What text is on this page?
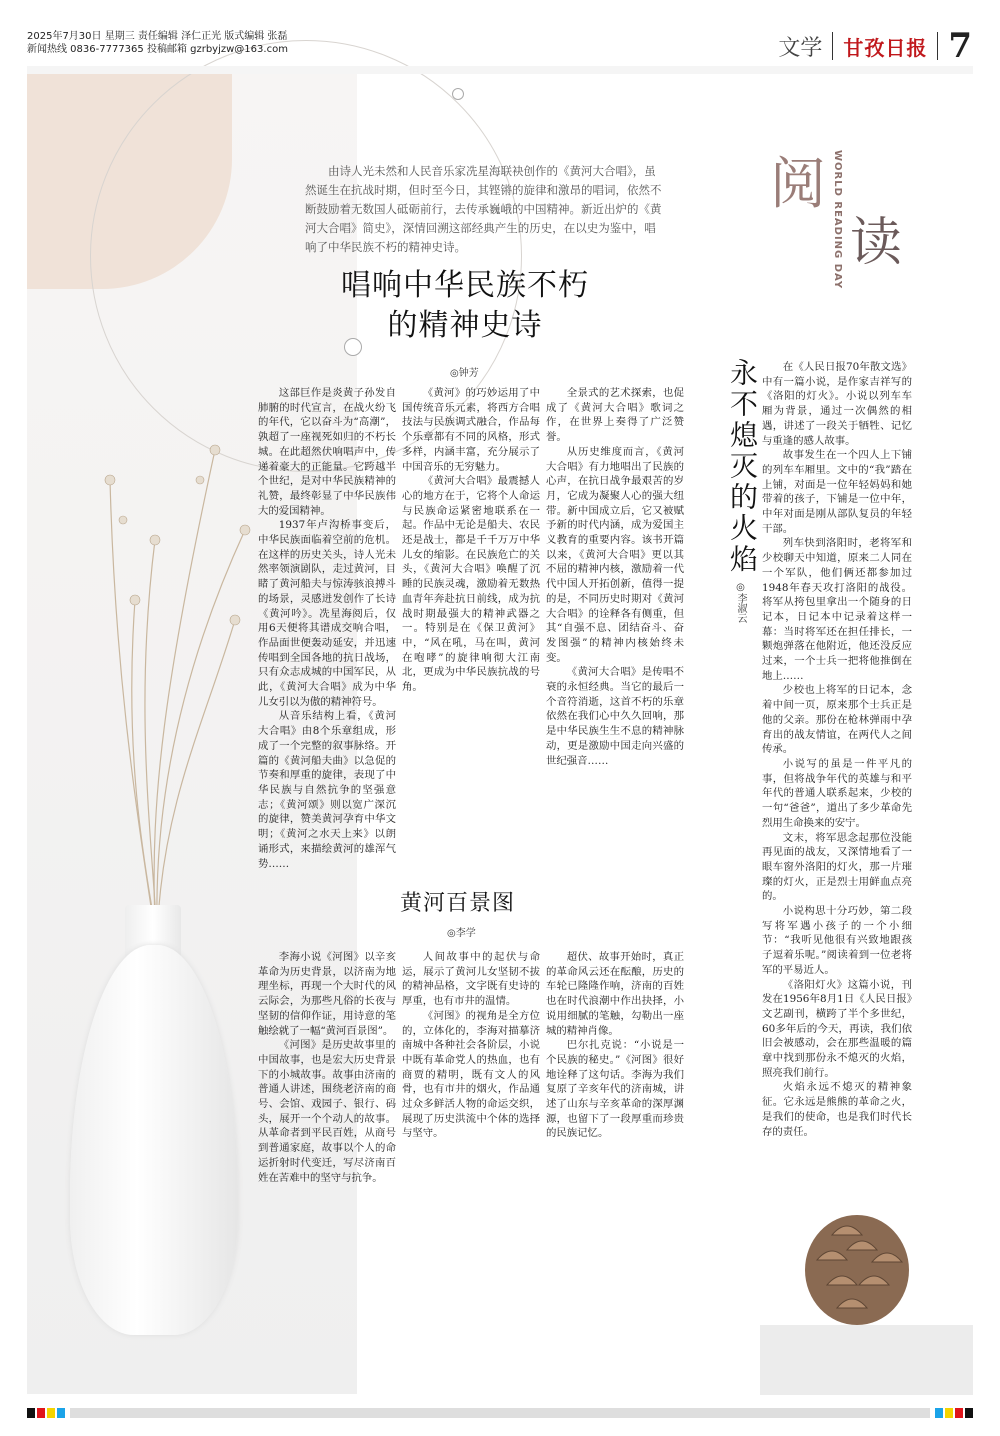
2025年7月30日 星期三 责任编辑 泽仁正光 版式编辑 张磊
新闻热线 0836-7777365 投稿邮箱 gzrbyjzw@163.com	文学 甘孜日报 7
阅 WORLD READING DAY 读
由诗人光未然和人民音乐家冼星海联袂创作的《黄河大合唱》，虽然诞生在抗战时期，但时至今日，其铿锵的旋律和激昂的唱词，依然不断鼓励着无数国人砥砺前行，去传承巍峨的中国精神。新近出炉的《黄河大合唱》简史》，深情回溯这部经典产生的历史，在以史为鉴中，唱响了中华民族不朽的精神史诗。
唱响中华民族不朽
的精神史诗
◎钟芳

这部巨作是炎黄子孙发自肺腑的时代宣言，在战火纷飞的年代，它以奋斗为“高潮”，孰超了一座视死如归的不朽长城。在此超然伏响唱声中，传递着豪大的正能量。它跨越半个世纪，是对中华民族精神的礼赞，最终彰显了中华民族伟大的爱国精神。

1937年卢沟桥事变后，中华民族面临着空前的危机。在这样的历史关头，诗人光未然率领演剧队，走过黄河，目睹了黄河船夫与惊涛骇浪搏斗的场景，灵感迸发创作了长诗《黄河吟》。冼星海阅后，仅用6天便将其谱成交响合唱，作品面世便轰动延安，并迅速传唱到全国各地的抗日战场，只有众志成城的中国军民，从此，《黄河大合唱》成为中华儿女引以为傲的精神符号。

从音乐结构上看，《黄河大合唱》由8个乐章组成，形成了一个完整的叙事脉络。开篇的《黄河船夫曲》以急促的节奏和厚重的旋律，表现了中华民族与自然抗争的坚强意志；《黄河颂》则以宽广深沉的旋律，赞美黄河孕育中华文明；《黄河之水天上来》以朗诵形式，来描绘黄河的雄浑气势……

《黄河》的巧妙运用了中国传统音乐元素，将西方合唱技法与民族调式融合，作品每个乐章都有不同的风格，形式多样，内涵丰富，充分展示了中国音乐的无穷魅力。

《黄河大合唱》最震撼人心的地方在于，它将个人命运与民族命运紧密地联系在一起。作品中无论是船夫、农民还是战士，都是千千万万中华儿女的缩影。在民族危亡的关头，《黄河大合唱》唤醒了沉睡的民族灵魂，激励着无数热血青年奔赴抗日前线，成为抗战时期最强大的精神武器之一。特别是在《保卫黄河》中，“风在吼，马在叫，黄河在咆哮”的旋律响彻大江南北，更成为中华民族抗战的号角。

全景式的艺术探索，也促成了《黄河大合唱》歌词之作，在世界上奏得了广泛赞誉。

从历史维度而言，《黄河大合唱》有力地唱出了民族的心声，在抗日战争最艰苦的岁月，它成为凝聚人心的强大纽带。新中国成立后，它又被赋予新的时代内涵，成为爱国主义教育的重要内容。该书开篇以来，《黄河大合唱》更以其不屈的精神内核，激励着一代代中国人开拓创新，值得一提的是，不同历史时期对《黄河大合唱》的诠释各有侧重，但其“自强不息、团结奋斗、奋发图强”的精神内核始终未变。

《黄河大合唱》是传唱不衰的永恒经典。当它的最后一个音符消逝，这首不朽的乐章依然在我们心中久久回响，那是中华民族生生不息的精神脉动，更是激励中国走向兴盛的世纪强音……

黄河百景图
◎李学

李海小说《河图》以辛亥革命为历史背景，以济南为地理坐标，再现一个大时代的风云际会，为那些凡俗的长夜与坚韧的信仰作证，用诗意的笔触绘就了一幅“黄河百景图”。

《河图》是历史故事里的中国故事，也是宏大历史背景下的小城故事。故事由济南的普通人讲述，围绕老济南的商号、会馆、戏园子、银行、码头，展开一个个动人的故事。从革命者到平民百姓，从商号到普通家庭，故事以个人的命运折射时代变迁，写尽济南百姓在苦难中的坚守与抗争。

人间故事中的起伏与命运，展示了黄河儿女坚韧不拔的精神品格，文字既有史诗的厚重，也有市井的温情。

《河图》的视角是全方位的，立体化的，李海对描摹济南城中各种社会各阶层，小说中既有革命党人的热血，也有商贾的精明，既有文人的风骨，也有市井的烟火，作品通过众多鲜活人物的命运交织，展现了历史洪流中个体的选择与坚守。

超伏、故事开始时，真正的革命风云还在酝酿，历史的车轮已隆隆作响，济南的百姓也在时代浪潮中作出抉择，小说用细腻的笔触，勾勒出一座城的精神肖像。

巴尔扎克说：“小说是一个民族的秘史。”《河图》很好地诠释了这句话。李海为我们复原了辛亥年代的济南城，讲述了山东与辛亥革命的深厚渊源，也留下了一段厚重而珍贵的民族记忆。

永不熄灭的火焰
◎李淑云

在《人民日报70年散文选》中有一篇小说，是作家吉祥写的《洛阳的灯火》。小说以列车车厢为背景，通过一次偶然的相遇，讲述了一段关于牺牲、记忆与重逢的感人故事。

故事发生在一个四人上下铺的列车车厢里。文中的“我”踏在上铺，对面是一位年轻妈妈和她带着的孩子，下铺是一位中年，中年对面是刚从部队复员的年轻干部。

列车快到洛阳时，老将军和少校聊天中知道，原来二人同在一个军队，他们俩还都参加过1948年春天攻打洛阳的战役。将军从挎包里拿出一个随身的日记本，日记本中记录着这样一幕：当时将军还在担任排长，一颗炮弹落在他附近，他还没反应过来，一个士兵一把将他推倒在地上……

少校也上将军的日记本，念着中间一页，原来那个士兵正是他的父亲。那份在枪林弹雨中孕育出的战友情谊，在两代人之间传承。

小说写的虽是一件平凡的事，但将战争年代的英雄与和平年代的普通人联系起来，少校的一句“爸爸”，道出了多少革命先烈用生命换来的安宁。

文末，将军思念起那位没能再见面的战友，又深情地看了一眼车窗外洛阳的灯火，那一片璀璨的灯火，正是烈士用鲜血点亮的。

小说构思十分巧妙，第二段写将军遇小孩子的一个小细节：“我听见他很有兴致地跟孩子逗着乐呢。”阅读着到一位老将军的平易近人。

《洛阳灯火》这篇小说，刊发在1956年8月1日《人民日报》文艺副刊，横跨了半个多世纪，60多年后的今天，再读，我们依旧会被感动，会在那些温暖的篇章中找到那份永不熄灭的火焰，照亮我们前行。

火焰永远不熄灭的精神象征。它永远是熊熊的革命之火，是我们的使命，也是我们时代长存的责任。
